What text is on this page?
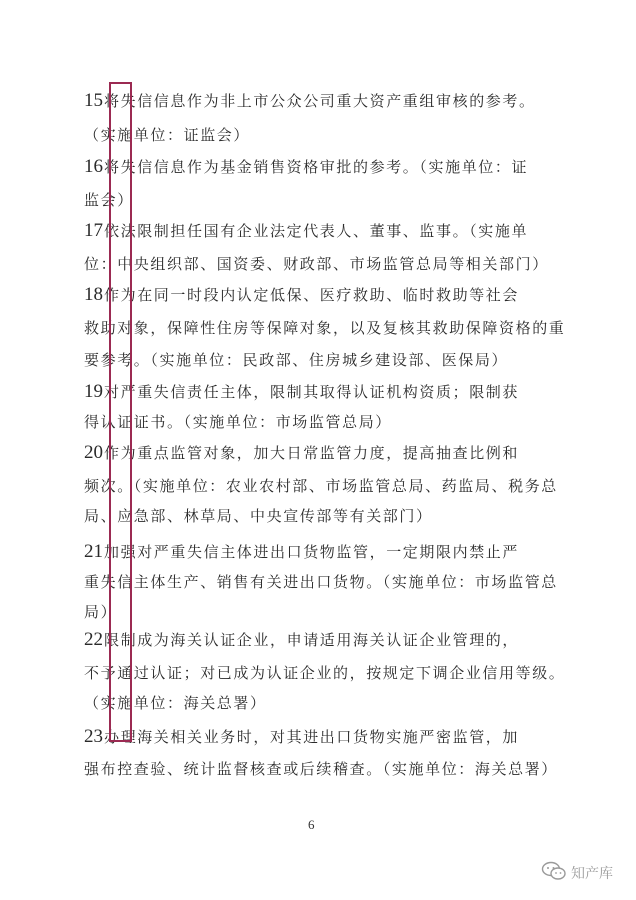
15将失信信息作为非上市公众公司重大资产重组审核的参考。
（实施单位：证监会）
16将失信信息作为基金销售资格审批的参考。（实施单位：证
监会）
17依法限制担任国有企业法定代表人、董事、监事。（实施单
位：中央组织部、国资委、财政部、市场监管总局等相关部门）
18作为在同一时段内认定低保、医疗救助、临时救助等社会
救助对象，保障性住房等保障对象，以及复核其救助保障资格的重
要参考。（实施单位：民政部、住房城乡建设部、医保局）
19对严重失信责任主体，限制其取得认证机构资质；限制获
得认证证书。（实施单位：市场监管总局）
20作为重点监管对象，加大日常监管力度，提高抽查比例和
频次。（实施单位：农业农村部、市场监管总局、药监局、税务总
局、应急部、林草局、中央宣传部等有关部门）
21加强对严重失信主体进出口货物监管，一定期限内禁止严
重失信主体生产、销售有关进出口货物。（实施单位：市场监管总
局）
22限制成为海关认证企业，申请适用海关认证企业管理的，
不予通过认证；对已成为认证企业的，按规定下调企业信用等级。
（实施单位：海关总署）
23办理海关相关业务时，对其进出口货物实施严密监管，加
强布控查验、统计监督核查或后续稽查。（实施单位：海关总署）
6
知产库
